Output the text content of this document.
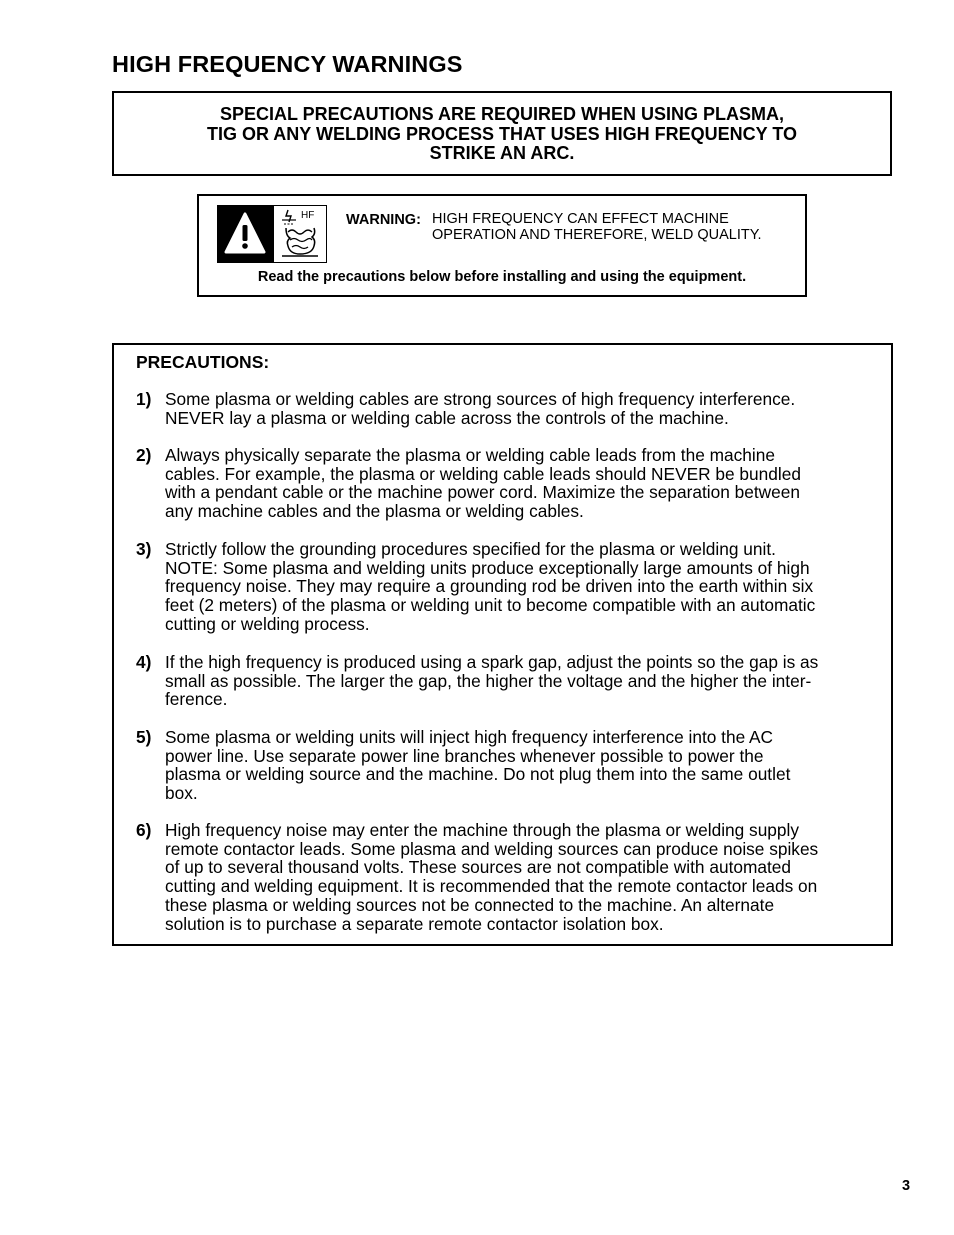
HIGH FREQUENCY WARNINGS
SPECIAL PRECAUTIONS ARE REQUIRED WHEN USING PLASMA,
TIG OR ANY WELDING PROCESS THAT USES HIGH FREQUENCY TO
STRIKE AN ARC.
HF WARNING: HIGH FREQUENCY CAN EFFECT MACHINE
OPERATION AND THEREFORE, WELD QUALITY.
Read the precautions below before installing and using the equipment.
PRECAUTIONS:
1) Some plasma or welding cables are strong sources of high frequency interference.
NEVER lay a plasma or welding cable across the controls of the machine.
2) Always physically separate the plasma or welding cable leads from the machine
cables. For example, the plasma or welding cable leads should NEVER be bundled
with a pendant cable or the machine power cord. Maximize the separation between
any machine cables and the plasma or welding cables.
3) Strictly follow the grounding procedures specified for the plasma or welding unit.
NOTE: Some plasma and welding units produce exceptionally large amounts of high
frequency noise. They may require a grounding rod be driven into the earth within six
feet (2 meters) of the plasma or welding unit to become compatible with an automatic
cutting or welding process.
4) If the high frequency is produced using a spark gap, adjust the points so the gap is as
small as possible. The larger the gap, the higher the voltage and the higher the inter-
ference.
5) Some plasma or welding units will inject high frequency interference into the AC
power line. Use separate power line branches whenever possible to power the
plasma or welding source and the machine. Do not plug them into the same outlet
box.
6) High frequency noise may enter the machine through the plasma or welding supply
remote contactor leads. Some plasma and welding sources can produce noise spikes
of up to several thousand volts. These sources are not compatible with automated
cutting and welding equipment. It is recommended that the remote contactor leads on
these plasma or welding sources not be connected to the machine. An alternate
solution is to purchase a separate remote contactor isolation box.
3
